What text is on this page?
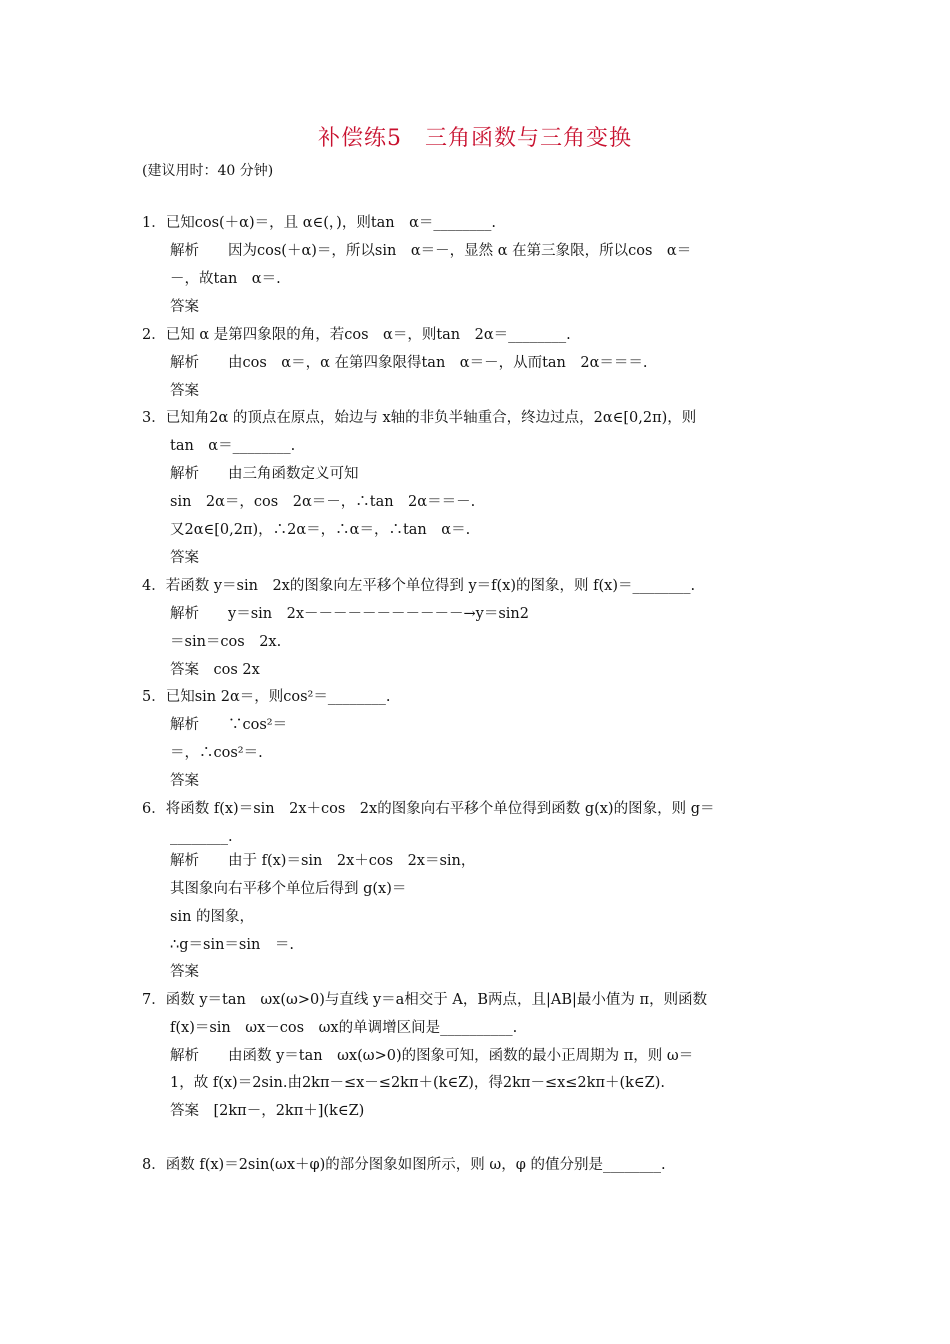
补偿练5　三角函数与三角变换
(建议用时：40 分钟)
1．已知cos(＋α)＝，且 α∈(，)，则tan　α＝________.
解析　　因为cos(＋α)＝，所以sin　α＝－，显然 α 在第三象限，所以cos　α＝
－，故tan　α＝.
答案
2．已知 α 是第四象限的角，若cos　α＝，则tan　2α＝________.
解析　　由cos　α＝，α 在第四象限得tan　α＝－，从而tan　2α＝＝＝.
答案
3．已知角2α 的顶点在原点，始边与 x轴的非负半轴重合，终边过点，2α∈[0,2π)，则
tan　α＝________.
解析　　由三角函数定义可知
sin　2α＝，cos　2α＝－，∴tan　2α＝＝－.
又2α∈[0,2π)，∴2α＝，∴α＝，∴tan　α＝.
答案
4．若函数 y＝sin　2x的图象向左平移个单位得到 y＝f(x)的图象，则 f(x)＝________.
解析　　y＝sin　2x－－－－－－－－－－－→y＝sin2
＝sin＝cos　2x.
答案　cos 2x
5．已知sin 2α＝，则cos²＝________.
解析　　∵cos²＝
＝，∴cos²＝.
答案
6．将函数 f(x)＝sin　2x＋cos　2x的图象向右平移个单位得到函数 g(x)的图象，则 g＝
________.
解析　　由于 f(x)＝sin　2x＋cos　2x＝sin，
其图象向右平移个单位后得到 g(x)＝
sin 的图象，
∴g＝sin＝sin　＝.
答案
7．函数 y＝tan　ωx(ω>0)与直线 y＝a相交于 A，B两点，且|AB|最小值为 π，则函数
f(x)＝sin　ωx－cos　ωx的单调增区间是__________.
解析　　由函数 y＝tan　ωx(ω>0)的图象可知，函数的最小正周期为 π，则 ω＝
1，故 f(x)＝2sin.由2kπ－≤x－≤2kπ＋(k∈Z)，得2kπ－≤x≤2kπ＋(k∈Z).
答案　[2kπ－，2kπ＋](k∈Z)
8．函数 f(x)＝2sin(ωx＋φ)的部分图象如图所示，则 ω，φ 的值分别是________.
